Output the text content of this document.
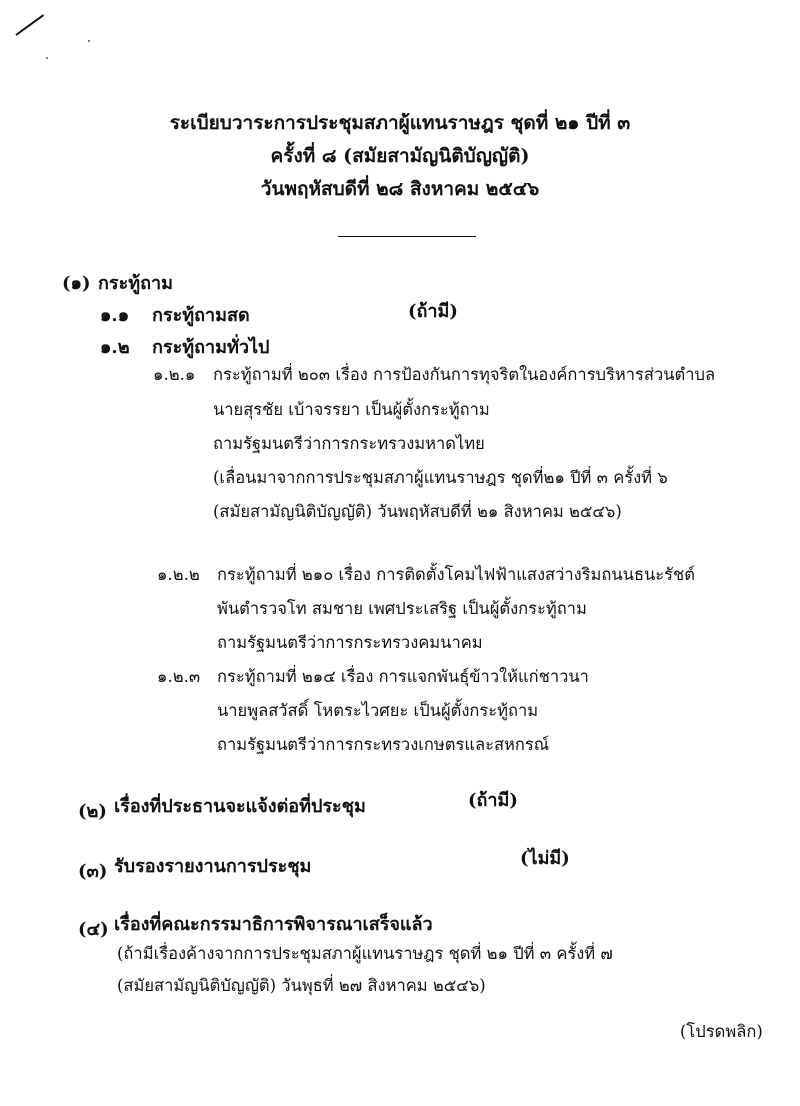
ระเบียบวาระการประชุมสภาผู้แทนราษฎร ชุดที่ ๒๑ ปีที่ ๓
ครั้งที่ ๘ (สมัยสามัญนิติบัญญัติ)
วันพฤหัสบดีที่ ๒๘ สิงหาคม ๒๕๔๖
(๑) กระทู้ถาม
๑.๑ กระทู้ถามสด	(ถ้ามี)
๑.๒ กระทู้ถามทั่วไป
๑.๒.๑ กระทู้ถามที่ ๒๐๓ เรื่อง การป้องกันการทุจริตในองค์การบริหารส่วนตำบล
นายสุรชัย เบ้าจรรยา เป็นผู้ตั้งกระทู้ถาม
ถามรัฐมนตรีว่าการกระทรวงมหาดไทย
(เลื่อนมาจากการประชุมสภาผู้แทนราษฎร ชุดที่๒๑ ปีที่ ๓ ครั้งที่ ๖
(สมัยสามัญนิติบัญญัติ) วันพฤหัสบดีที่ ๒๑ สิงหาคม ๒๕๔๖)
๑.๒.๒ กระทู้ถามที่ ๒๑๐ เรื่อง การติดตั้งโคมไฟฟ้าแสงสว่างริมถนนธนะรัชต์
พันตำรวจโท สมชาย เพศประเสริฐ เป็นผู้ตั้งกระทู้ถาม
ถามรัฐมนตรีว่าการกระทรวงคมนาคม
๑.๒.๓ กระทู้ถามที่ ๒๑๔ เรื่อง การแจกพันธุ์ข้าวให้แก่ชาวนา
นายพูลสวัสดิ์ โหตระไวศยะ เป็นผู้ตั้งกระทู้ถาม
ถามรัฐมนตรีว่าการกระทรวงเกษตรและสหกรณ์
(๒) เรื่องที่ประธานจะแจ้งต่อที่ประชุม	(ถ้ามี)
(๓) รับรองรายงานการประชุม	(ไม่มี)
(๔) เรื่องที่คณะกรรมาธิการพิจารณาเสร็จแล้ว
(ถ้ามีเรื่องค้างจากการประชุมสภาผู้แทนราษฎร ชุดที่ ๒๑ ปีที่ ๓ ครั้งที่ ๗
(สมัยสามัญนิติบัญญัติ) วันพุธที่ ๒๗ สิงหาคม ๒๕๔๖)
(โปรดพลิก)
